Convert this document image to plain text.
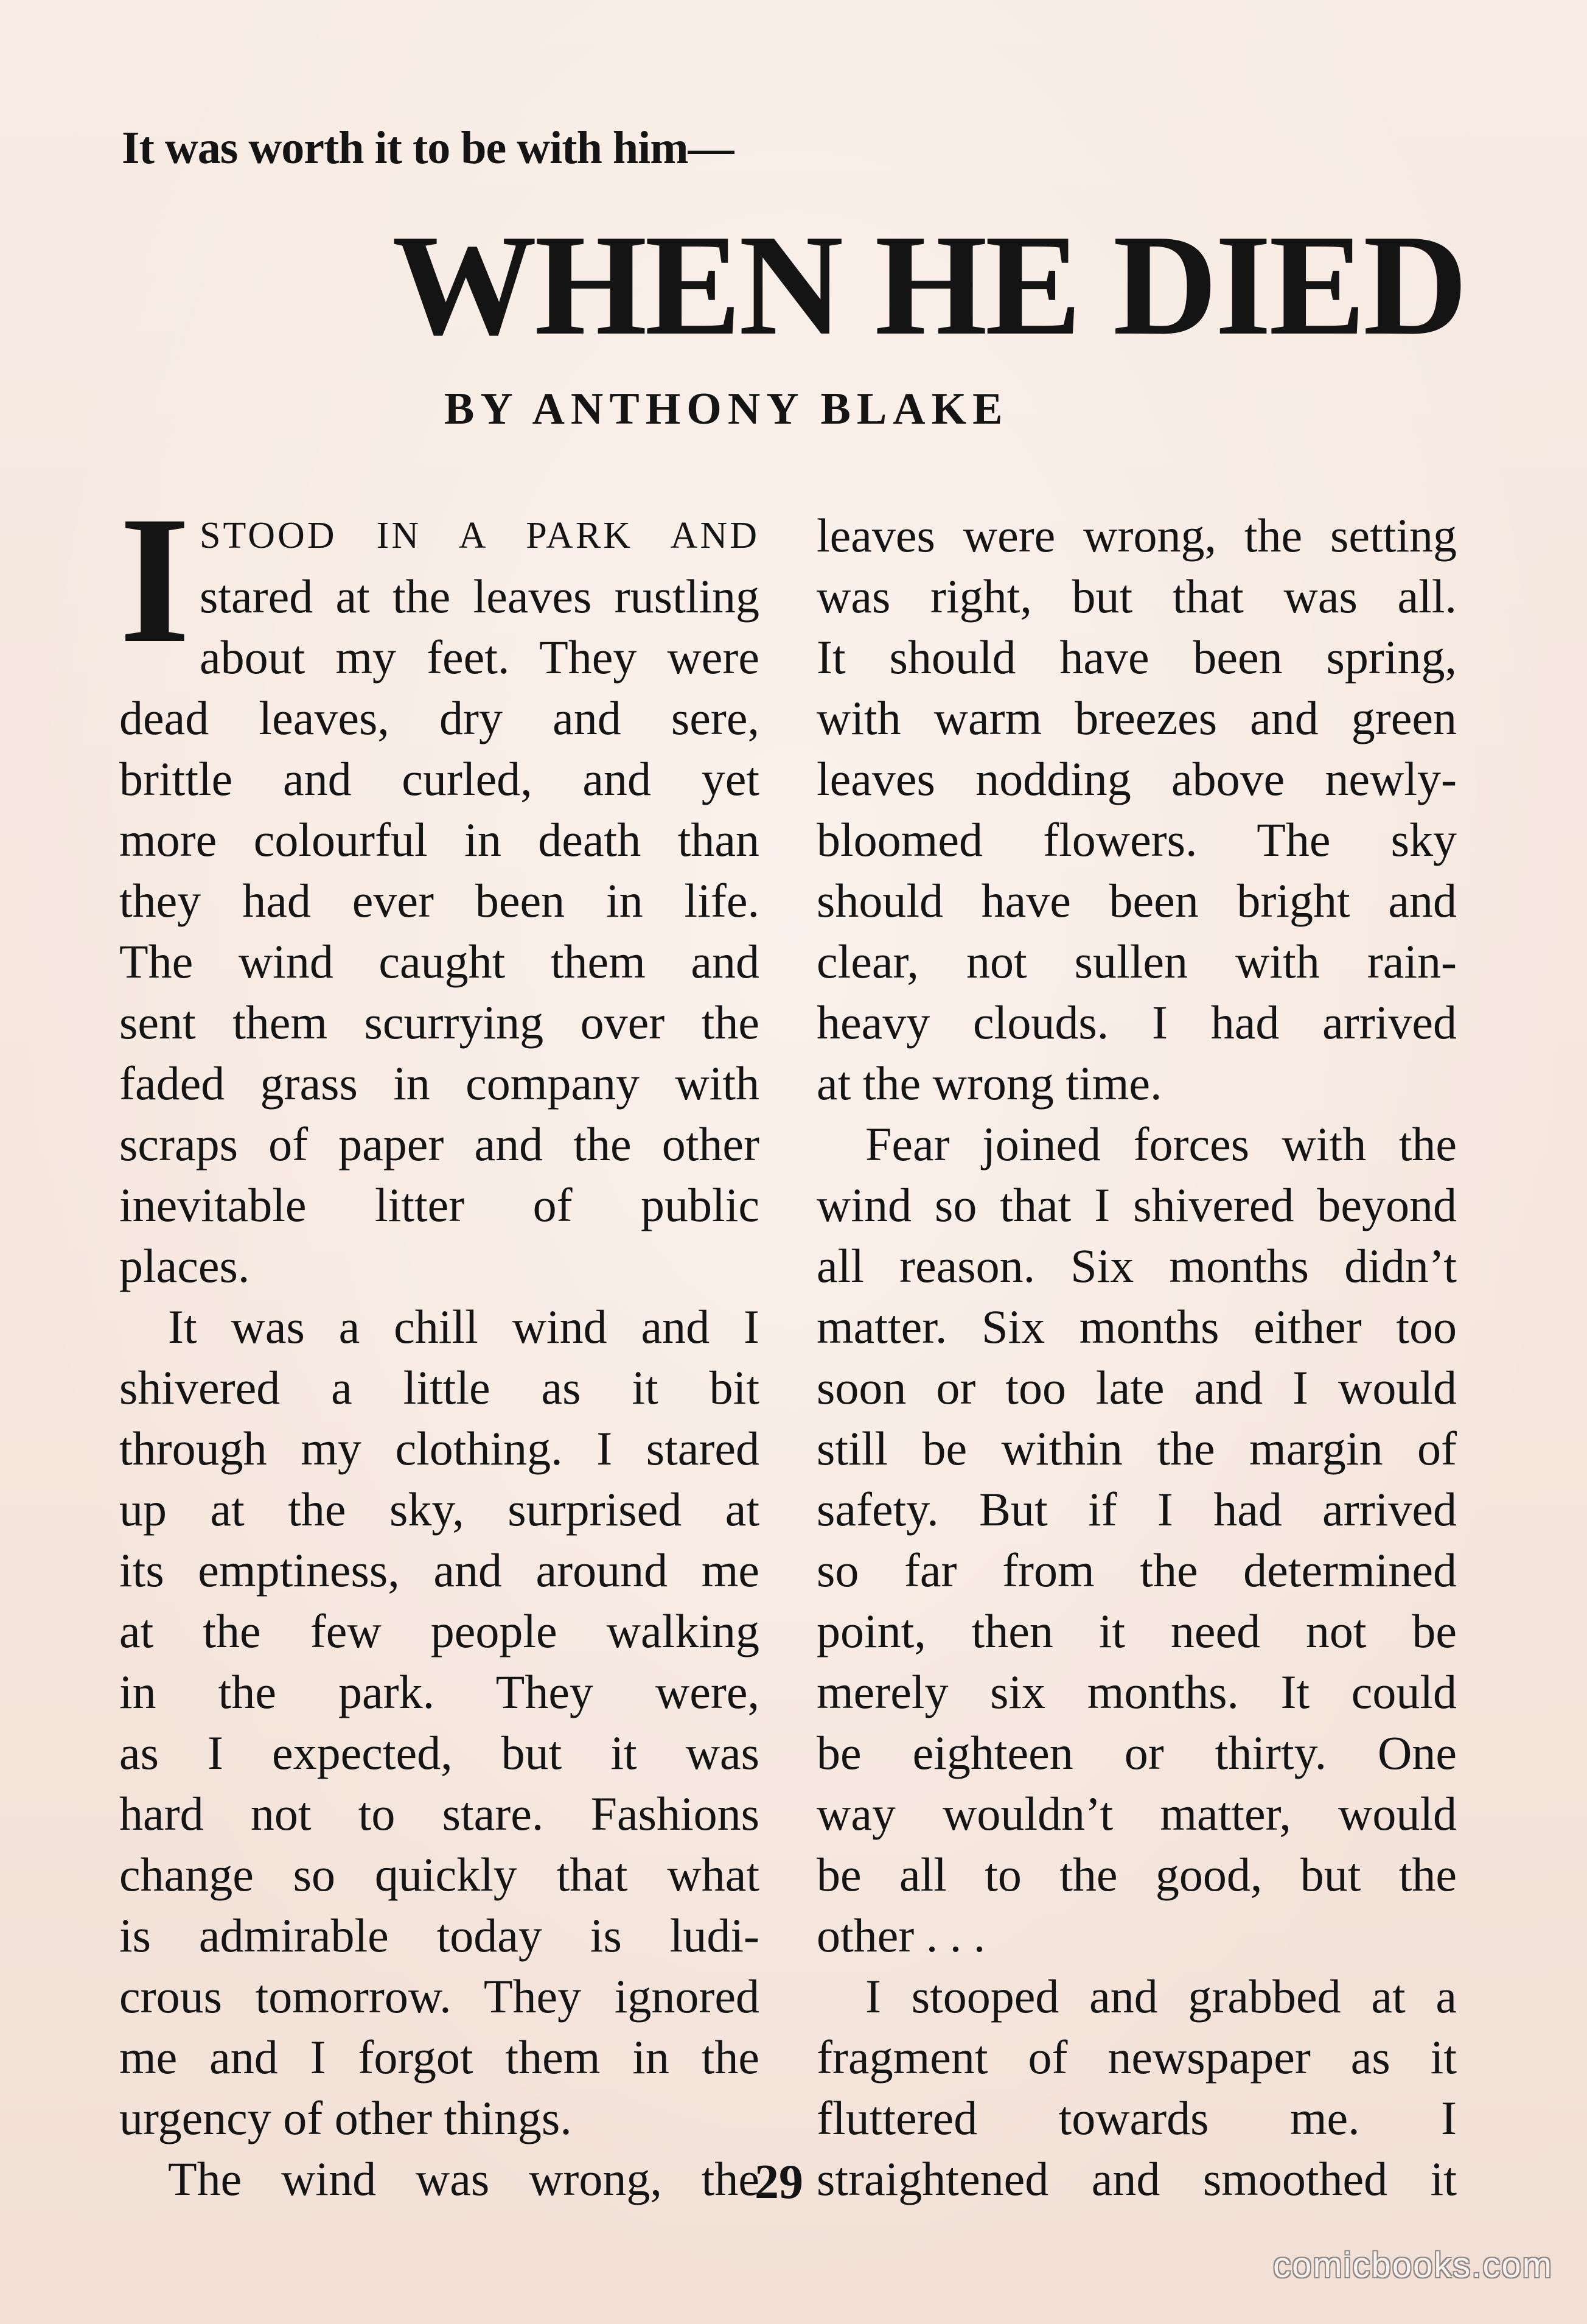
It was worth it to be with him—
WHEN HE DIED
BY ANTHONY BLAKE
I STOOD IN A PARK AND
stared at the leaves rustling
about my feet. They were
dead leaves, dry and sere,
brittle and curled, and yet
more colourful in death than
they had ever been in life.
The wind caught them and
sent them scurrying over the
faded grass in company with
scraps of paper and the other
inevitable litter of public
places.
It was a chill wind and I
shivered a little as it bit
through my clothing. I stared
up at the sky, surprised at
its emptiness, and around me
at the few people walking
in the park. They were,
as I expected, but it was
hard not to stare. Fashions
change so quickly that what
is admirable today is ludi-
crous tomorrow. They ignored
me and I forgot them in the
urgency of other things.
The wind was wrong, the
leaves were wrong, the setting
was right, but that was all.
It should have been spring,
with warm breezes and green
leaves nodding above newly-
bloomed flowers. The sky
should have been bright and
clear, not sullen with rain-
heavy clouds. I had arrived
at the wrong time.
Fear joined forces with the
wind so that I shivered beyond
all reason. Six months didn’t
matter. Six months either too
soon or too late and I would
still be within the margin of
safety. But if I had arrived
so far from the determined
point, then it need not be
merely six months. It could
be eighteen or thirty. One
way wouldn’t matter, would
be all to the good, but the
other . . .
I stooped and grabbed at a
fragment of newspaper as it
fluttered towards me. I
straightened and smoothed it
29
comicbooks.com
